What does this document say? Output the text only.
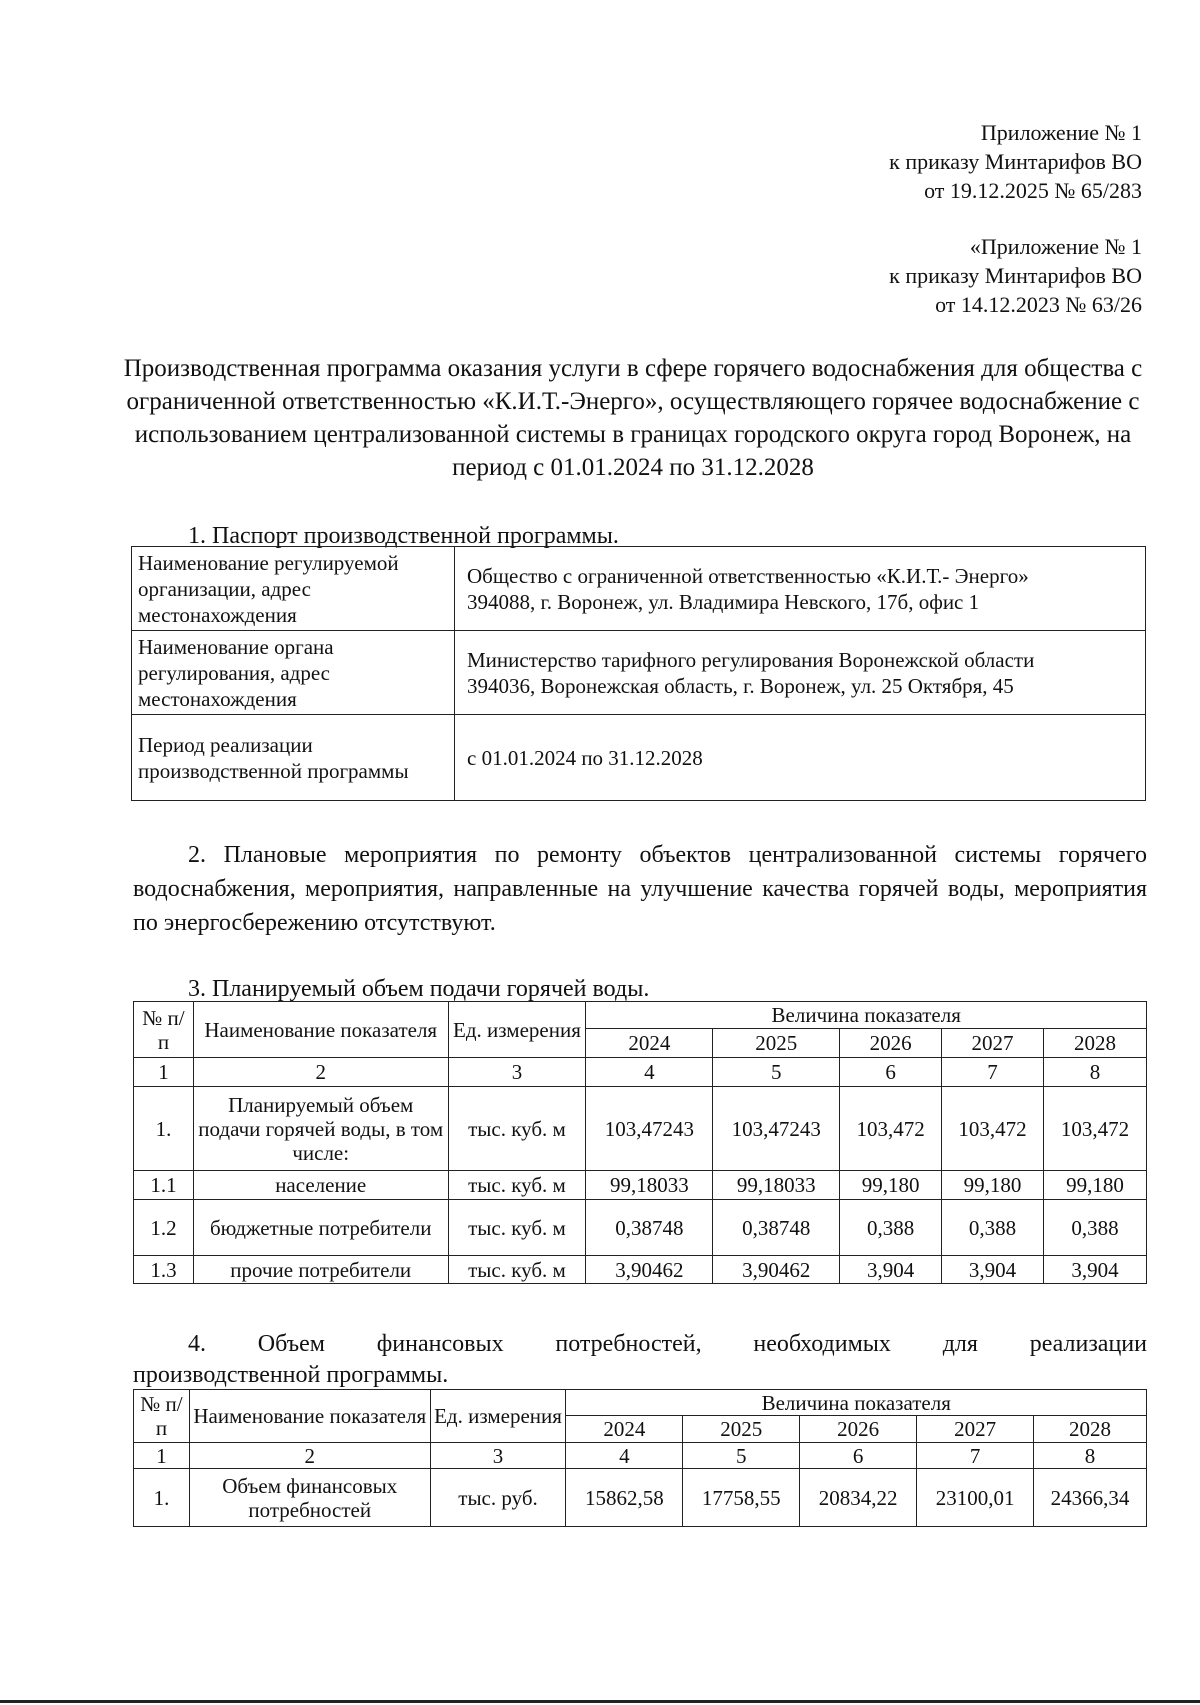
Приложение № 1
к приказу Минтарифов ВО
от 19.12.2025 № 65/283
«Приложение № 1
к приказу Минтарифов ВО
от 14.12.2023 № 63/26
Производственная программа оказания услуги в сфере горячего водоснабжения для общества с ограниченной ответственностью «К.И.Т.-Энерго», осуществляющего горячее водоснабжение с использованием централизованной системы в границах городского округа город Воронеж, на период с 01.01.2024 по 31.12.2028
1. Паспорт производственной программы.
Наименование регулируемой организации, адрес местонахождения	Общество с ограниченной ответственностью «К.И.Т.- Энерго»
394088, г. Воронеж, ул. Владимира Невского, 17б, офис 1

Наименование органа регулирования, адрес местонахождения	Министерство тарифного регулирования Воронежской области
394036, Воронежская область, г. Воронеж, ул. 25 Октября, 45

Период реализации производственной программы	с 01.01.2024 по 31.12.2028

2. Плановые мероприятия по ремонту объектов централизованной системы горячего водоснабжения, мероприятия, направленные на улучшение качества горячей воды, мероприятия по энергосбережению отсутствуют.

3. Планируемый объем подачи горячей воды.
№ п/п	Наименование показателя	Ед. измерения	Величина показателя				
			2024	2025	2026	2027	2028
1	2	3	4	5	6	7	8
1.	Планируемый объем подачи горячей воды, в том числе:	тыс. куб. м	103,47243	103,47243	103,472	103,472	103,472
1.1	население	тыс. куб. м	99,18033	99,18033	99,180	99,180	99,180
1.2	бюджетные потребители	тыс. куб. м	0,38748	0,38748	0,388	0,388	0,388
1.3	прочие потребители	тыс. куб. м	3,90462	3,90462	3,904	3,904	3,904

4. Объем финансовых потребностей, необходимых для реализации

производственной программы.
№ п/п	Наименование показателя	Ед. измерения	Величина показателя				
			2024	2025	2026	2027	2028
1	2	3	4	5	6	7	8
1.	Объем финансовых потребностей	тыс. руб.	15862,58	17758,55	20834,22	23100,01	24366,34
